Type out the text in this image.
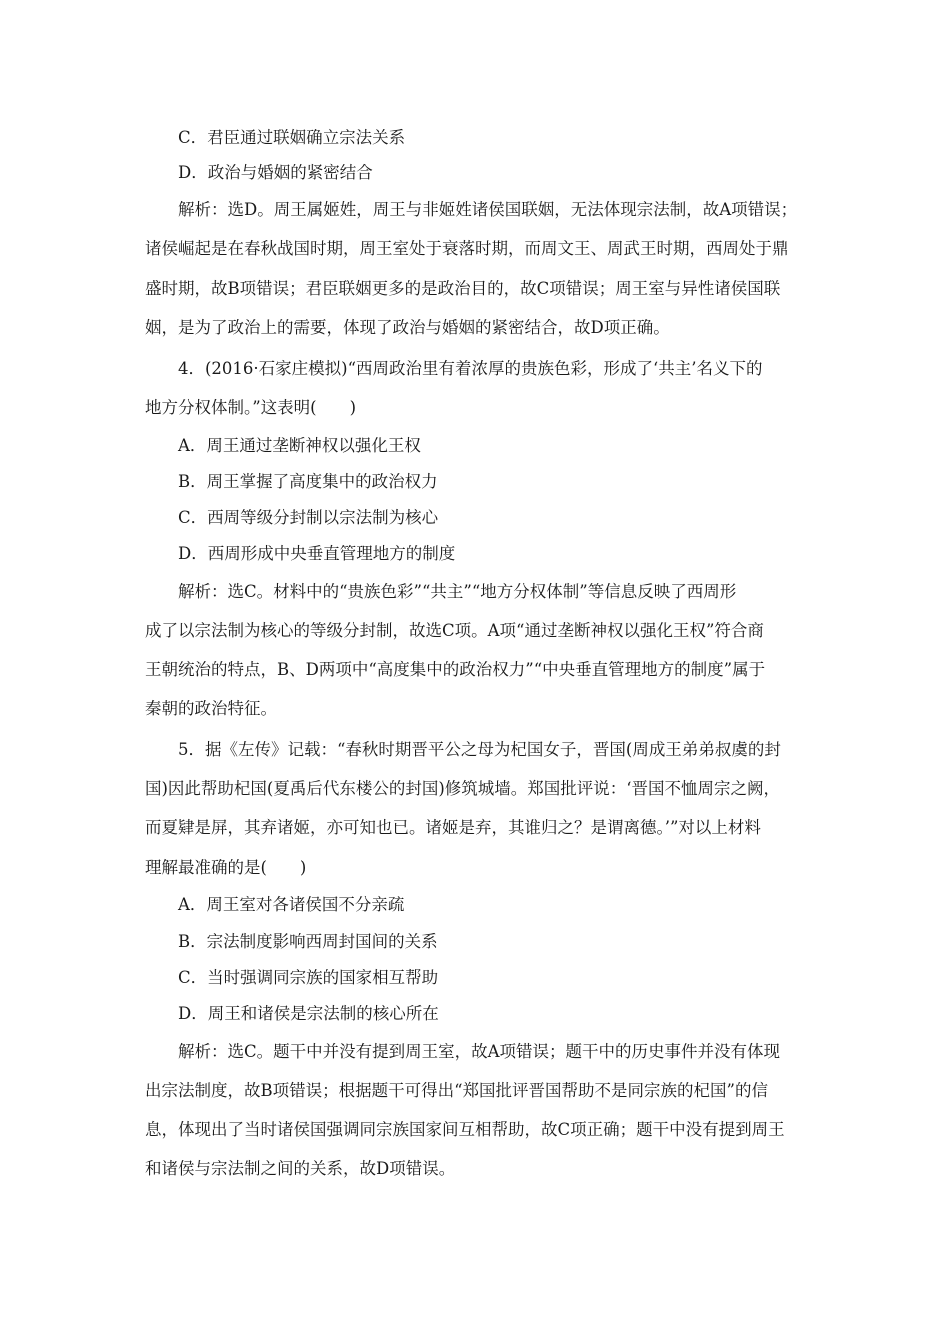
C．君臣通过联姻确立宗法关系
D．政治与婚姻的紧密结合
解析：选D。周王属姬姓，周王与非姬姓诸侯国联姻，无法体现宗法制，故A项错误；
诸侯崛起是在春秋战国时期，周王室处于衰落时期，而周文王、周武王时期，西周处于鼎
盛时期，故B项错误；君臣联姻更多的是政治目的，故C项错误；周王室与异性诸侯国联
姻，是为了政治上的需要，体现了政治与婚姻的紧密结合，故D项正确。
4．(2016·石家庄模拟)“西周政治里有着浓厚的贵族色彩，形成了‘共主’名义下的
地方分权体制。”这表明(　　)
A．周王通过垄断神权以强化王权
B．周王掌握了高度集中的政治权力
C．西周等级分封制以宗法制为核心
D．西周形成中央垂直管理地方的制度
解析：选C。材料中的“贵族色彩”“共主”“地方分权体制”等信息反映了西周形
成了以宗法制为核心的等级分封制，故选C项。A项“通过垄断神权以强化王权”符合商
王朝统治的特点，B、D两项中“高度集中的政治权力”“中央垂直管理地方的制度”属于
秦朝的政治特征。
5．据《左传》记载：“春秋时期晋平公之母为杞国女子，晋国(周成王弟弟叔虞的封
国)因此帮助杞国(夏禹后代东楼公的封国)修筑城墙。郑国批评说：‘晋国不恤周宗之阙，
而夏肄是屏，其弃诸姬，亦可知也已。诸姬是弃，其谁归之？是谓离德。’”对以上材料
理解最准确的是(　　)
A．周王室对各诸侯国不分亲疏
B．宗法制度影响西周封国间的关系
C．当时强调同宗族的国家相互帮助
D．周王和诸侯是宗法制的核心所在
解析：选C。题干中并没有提到周王室，故A项错误；题干中的历史事件并没有体现
出宗法制度，故B项错误；根据题干可得出“郑国批评晋国帮助不是同宗族的杞国”的信
息，体现出了当时诸侯国强调同宗族国家间互相帮助，故C项正确；题干中没有提到周王
和诸侯与宗法制之间的关系，故D项错误。
